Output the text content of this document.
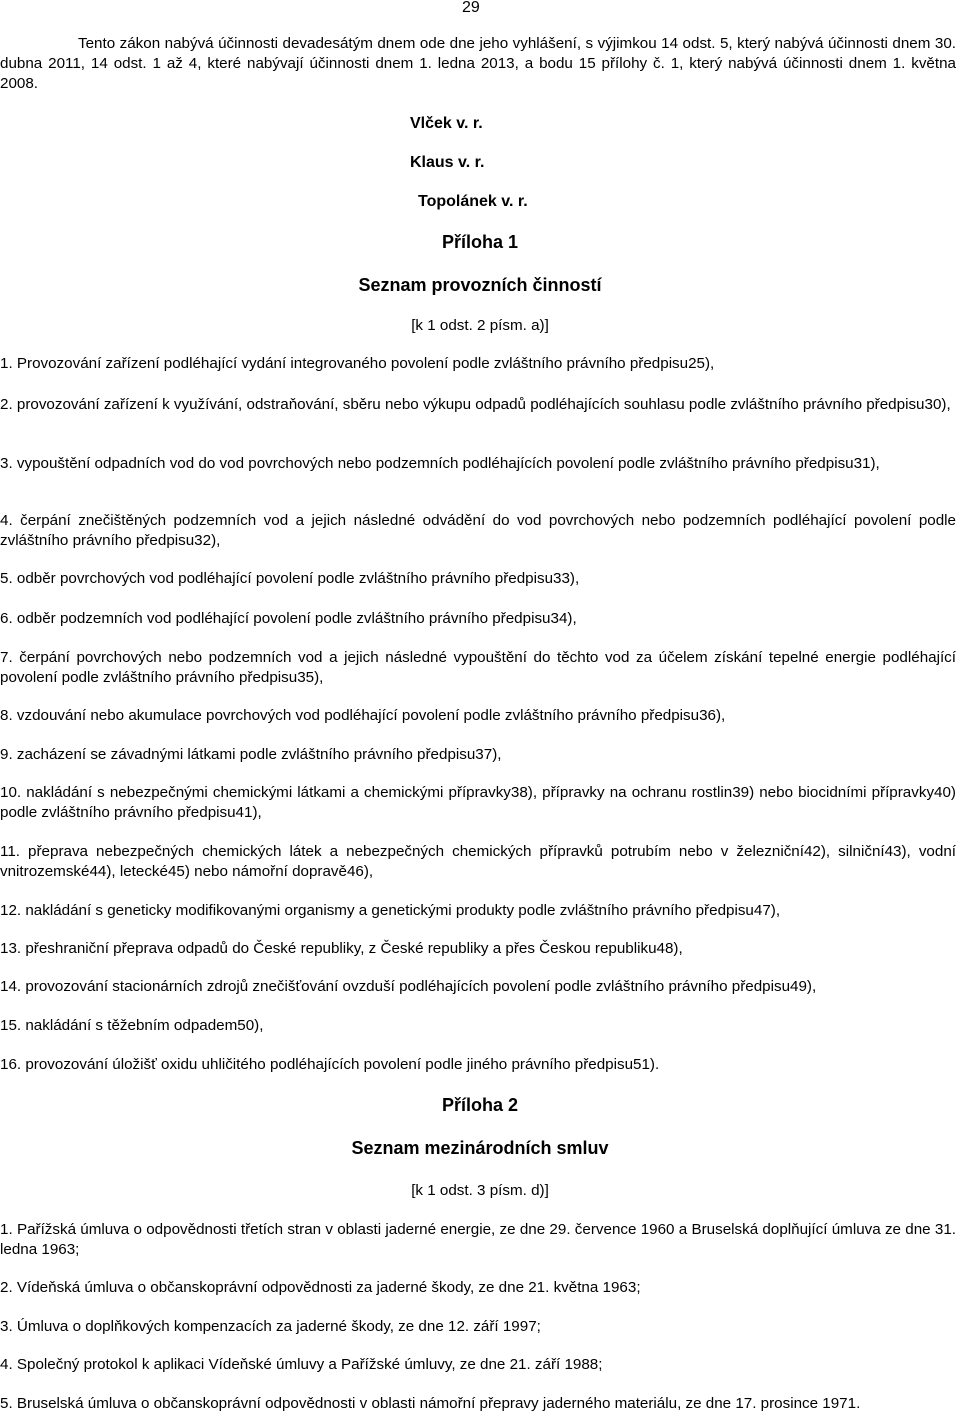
29

Tento zákon nabývá účinnosti devadesátým dnem ode dne jeho vyhlášení, s výjimkou 14 odst. 5, který nabývá účinnosti dnem 30. dubna 2011, 14 odst. 1 až 4, které nabývají účinnosti dnem 1. ledna 2013, a bodu 15 přílohy č. 1, který nabývá účinnosti dnem 1. května 2008.

Vlček v. r.

Klaus v. r.

Topolánek v. r.

Příloha 1

Seznam provozních činností

[k 1 odst. 2 písm. a)]

1. Provozování zařízení podléhající vydání integrovaného povolení podle zvláštního právního předpisu25),

2. provozování zařízení k využívání, odstraňování, sběru nebo výkupu odpadů podléhajících souhlasu podle zvláštního právního předpisu30),

3. vypouštění odpadních vod do vod povrchových nebo podzemních podléhajících povolení podle zvláštního právního předpisu31),

4. čerpání znečištěných podzemních vod a jejich následné odvádění do vod povrchových nebo podzemních podléhající povolení podle zvláštního právního předpisu32),

5. odběr povrchových vod podléhající povolení podle zvláštního právního předpisu33),

6. odběr podzemních vod podléhající povolení podle zvláštního právního předpisu34),

7. čerpání povrchových nebo podzemních vod a jejich následné vypouštění do těchto vod za účelem získání tepelné energie podléhající povolení podle zvláštního právního předpisu35),

8. vzdouvání nebo akumulace povrchových vod podléhající povolení podle zvláštního právního předpisu36),

9. zacházení se závadnými látkami podle zvláštního právního předpisu37),

10. nakládání s nebezpečnými chemickými látkami a chemickými přípravky38), přípravky na ochranu rostlin39) nebo biocidními přípravky40) podle zvláštního právního předpisu41),

11. přeprava nebezpečných chemických látek a nebezpečných chemických přípravků potrubím nebo v železniční42), silniční43), vodní vnitrozemské44), letecké45) nebo námořní dopravě46),

12. nakládání s geneticky modifikovanými organismy a genetickými produkty podle zvláštního právního předpisu47),

13. přeshraniční přeprava odpadů do České republiky, z České republiky a přes Českou republiku48),

14. provozování stacionárních zdrojů znečišťování ovzduší podléhajících povolení podle zvláštního právního předpisu49),

15. nakládání s těžebním odpadem50),

16. provozování úložišť oxidu uhličitého podléhajících povolení podle jiného právního předpisu51).

Příloha 2

Seznam mezinárodních smluv

[k 1 odst. 3 písm. d)]

1. Pařížská úmluva o odpovědnosti třetích stran v oblasti jaderné energie, ze dne 29. července 1960 a Bruselská doplňující úmluva ze dne 31. ledna 1963;

2. Vídeňská úmluva o občanskoprávní odpovědnosti za jaderné škody, ze dne 21. května 1963;

3. Úmluva o doplňkových kompenzacích za jaderné škody, ze dne 12. září 1997;

4. Společný protokol k aplikaci Vídeňské úmluvy a Pařížské úmluvy, ze dne 21. září 1988;

5. Bruselská úmluva o občanskoprávní odpovědnosti v oblasti námořní přepravy jaderného materiálu, ze dne 17. prosince 1971.
